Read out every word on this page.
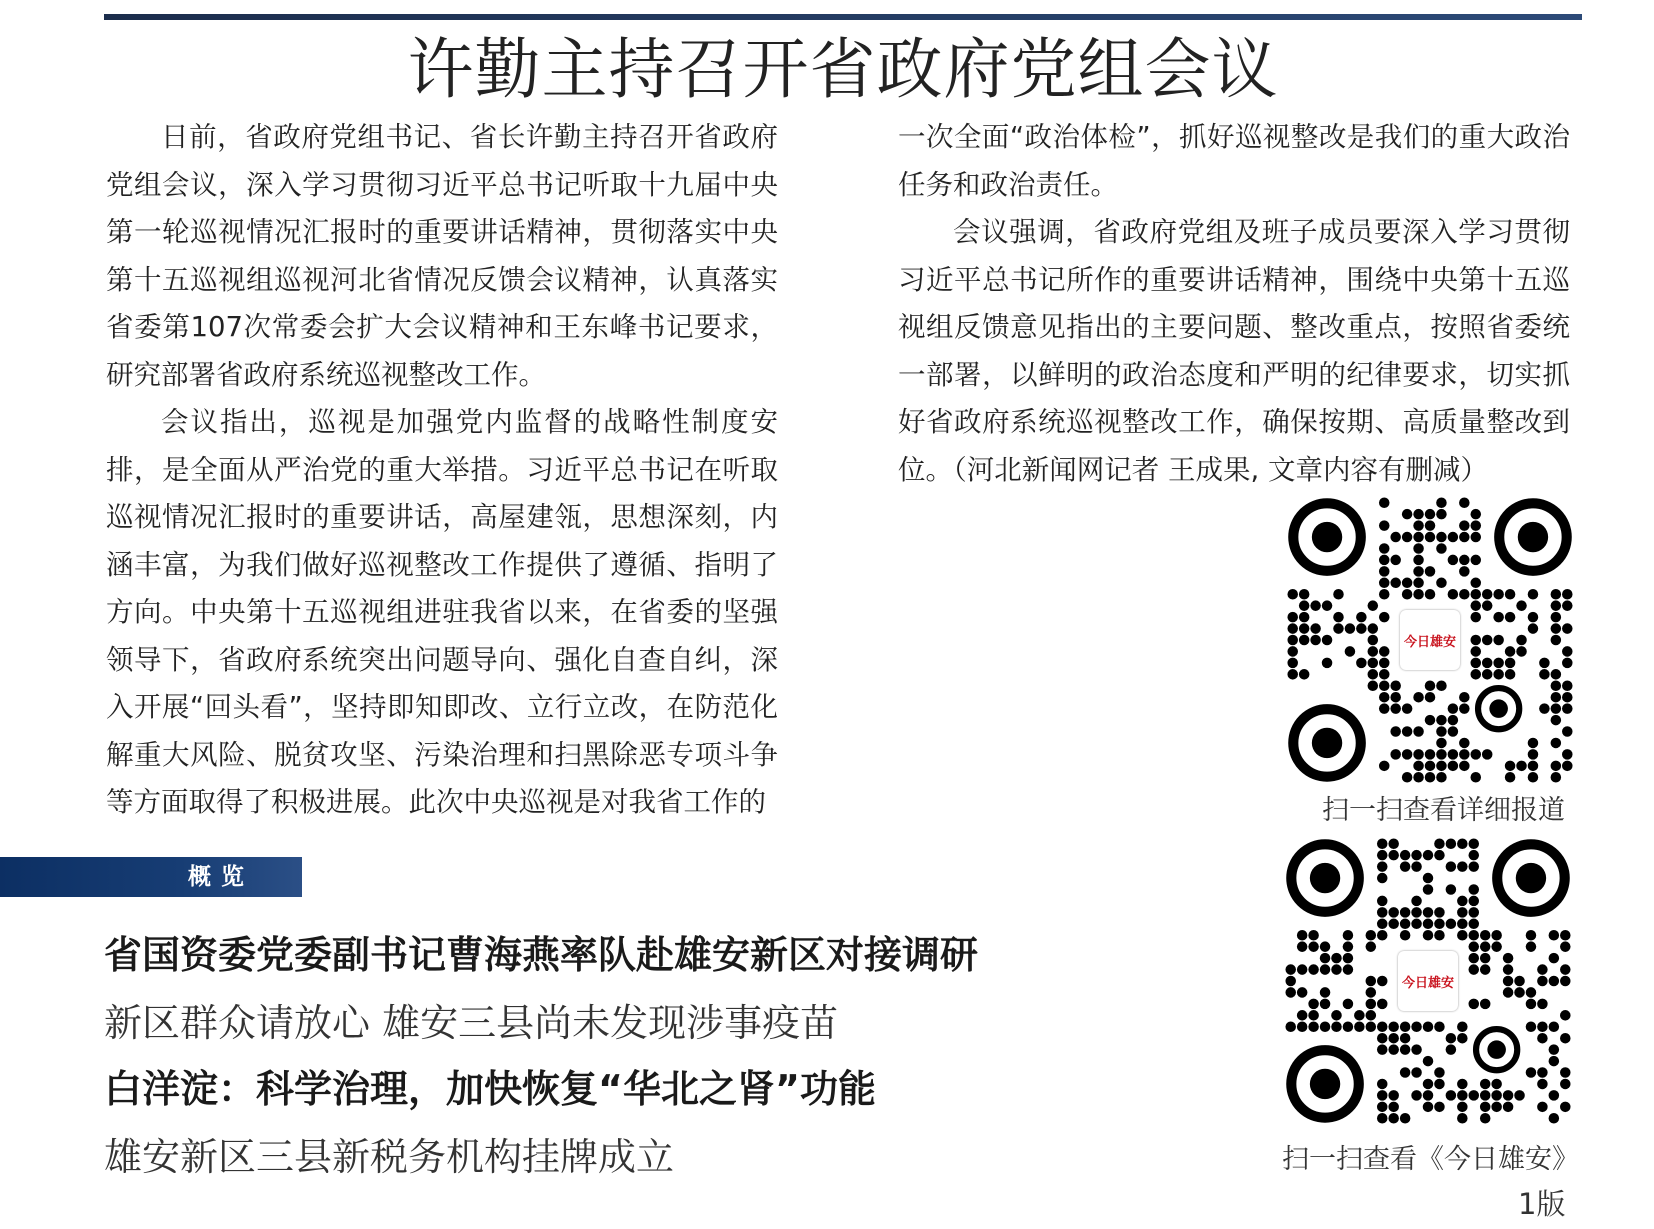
许勤主持召开省政府党组会议

日前，省政府党组书记、省长许勤主持召开省政府党组会议，深入学习贯彻习近平总书记听取十九届中央第一轮巡视情况汇报时的重要讲话精神，贯彻落实中央第十五巡视组巡视河北省情况反馈会议精神，认真落实省委第107次常委会扩大会议精神和王东峰书记要求，研究部署省政府系统巡视整改工作。

会议指出，巡视是加强党内监督的战略性制度安排，是全面从严治党的重大举措。习近平总书记在听取巡视情况汇报时的重要讲话，高屋建瓴，思想深刻，内涵丰富，为我们做好巡视整改工作提供了遵循、指明了方向。中央第十五巡视组进驻我省以来，在省委的坚强领导下，省政府系统突出问题导向、强化自查自纠，深入开展“回头看”，坚持即知即改、立行立改，在防范化解重大风险、脱贫攻坚、污染治理和扫黑除恶专项斗争等方面取得了积极进展。此次中央巡视是对我省工作的

一次全面“政治体检”，抓好巡视整改是我们的重大政治任务和政治责任。

会议强调，省政府党组及班子成员要深入学习贯彻习近平总书记所作的重要讲话精神，围绕中央第十五巡视组反馈意见指出的主要问题、整改重点，按照省委统一部署，以鲜明的政治态度和严明的纪律要求，切实抓好省政府系统巡视整改工作，确保按期、高质量整改到位。（河北新闻网记者 王成果, 文章内容有删减）

概览
省国资委党委副书记曹海燕率队赴雄安新区对接调研
新区群众请放心 雄安三县尚未发现涉事疫苗
白洋淀：科学治理，加快恢复“华北之肾”功能
雄安新区三县新税务机构挂牌成立
今日雄安
扫一扫查看详细报道
今日雄安
扫一扫查看《今日雄安》
1版
